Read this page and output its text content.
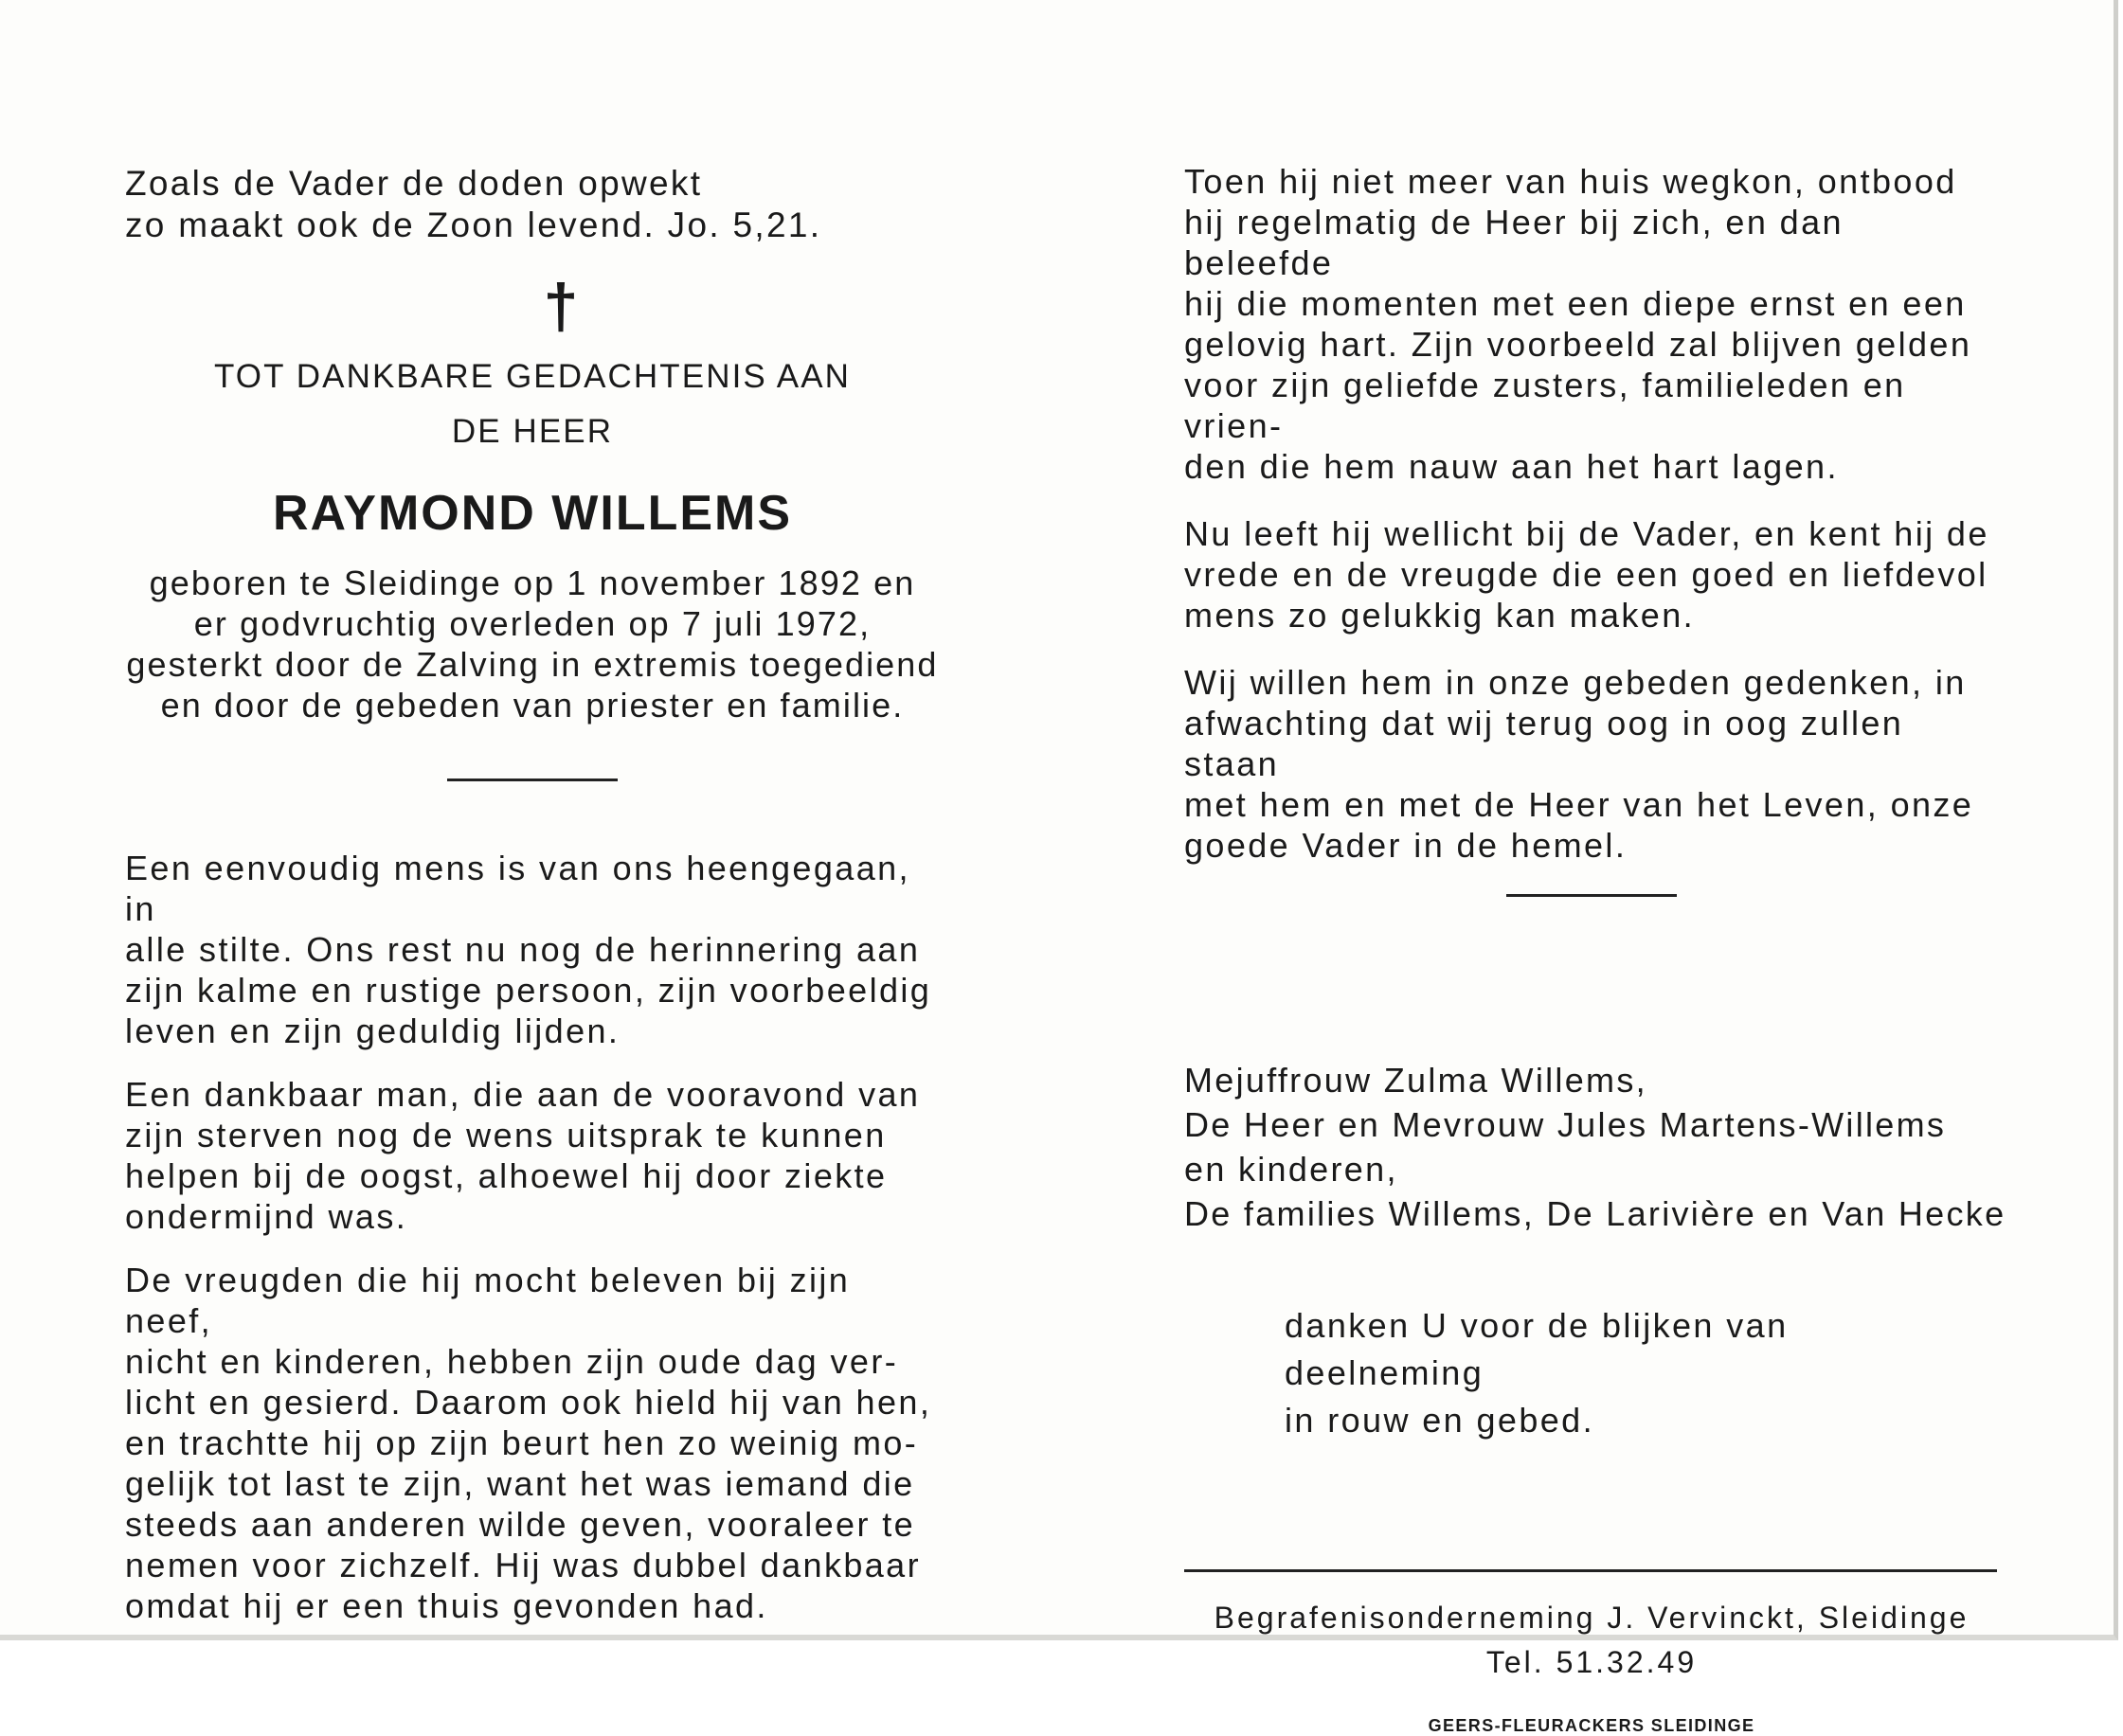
Zoals de Vader de doden opwekt
zo maakt ook de Zoon levend. Jo. 5,21.

†

TOT DANKBARE GEDACHTENIS AAN

DE HEER

RAYMOND WILLEMS

geboren te Sleidinge op 1 november 1892 en
er godvruchtig overleden op 7 juli 1972,
gesterkt door de Zalving in extremis toegediend
en door de gebeden van priester en familie.

Een eenvoudig mens is van ons heengegaan, in
alle stilte. Ons rest nu nog de herinnering aan
zijn kalme en rustige persoon, zijn voorbeeldig
leven en zijn geduldig lijden.

Een dankbaar man, die aan de vooravond van
zijn sterven nog de wens uitsprak te kunnen
helpen bij de oogst, alhoewel hij door ziekte
ondermijnd was.

De vreugden die hij mocht beleven bij zijn neef,
nicht en kinderen, hebben zijn oude dag ver-
licht en gesierd. Daarom ook hield hij van hen,
en trachtte hij op zijn beurt hen zo weinig mo-
gelijk tot last te zijn, want het was iemand die
steeds aan anderen wilde geven, vooraleer te
nemen voor zichzelf. Hij was dubbel dankbaar
omdat hij er een thuis gevonden had.

Toen hij niet meer van huis wegkon, ontbood
hij regelmatig de Heer bij zich, en dan beleefde
hij die momenten met een diepe ernst en een
gelovig hart. Zijn voorbeeld zal blijven gelden
voor zijn geliefde zusters, familieleden en vrien-
den die hem nauw aan het hart lagen.

Nu leeft hij wellicht bij de Vader, en kent hij de
vrede en de vreugde die een goed en liefdevol
mens zo gelukkig kan maken.

Wij willen hem in onze gebeden gedenken, in
afwachting dat wij terug oog in oog zullen staan
met hem en met de Heer van het Leven, onze
goede Vader in de hemel.

Mejuffrouw Zulma Willems,

De Heer en Mevrouw Jules Martens-Willems

en kinderen,

De families Willems, De Larivière en Van Hecke

danken U voor de blijken van deelneming

in rouw en gebed.

Begrafenisonderneming J. Vervinckt, Sleidinge

Tel. 51.32.49

GEERS-FLEURACKERS SLEIDINGE
